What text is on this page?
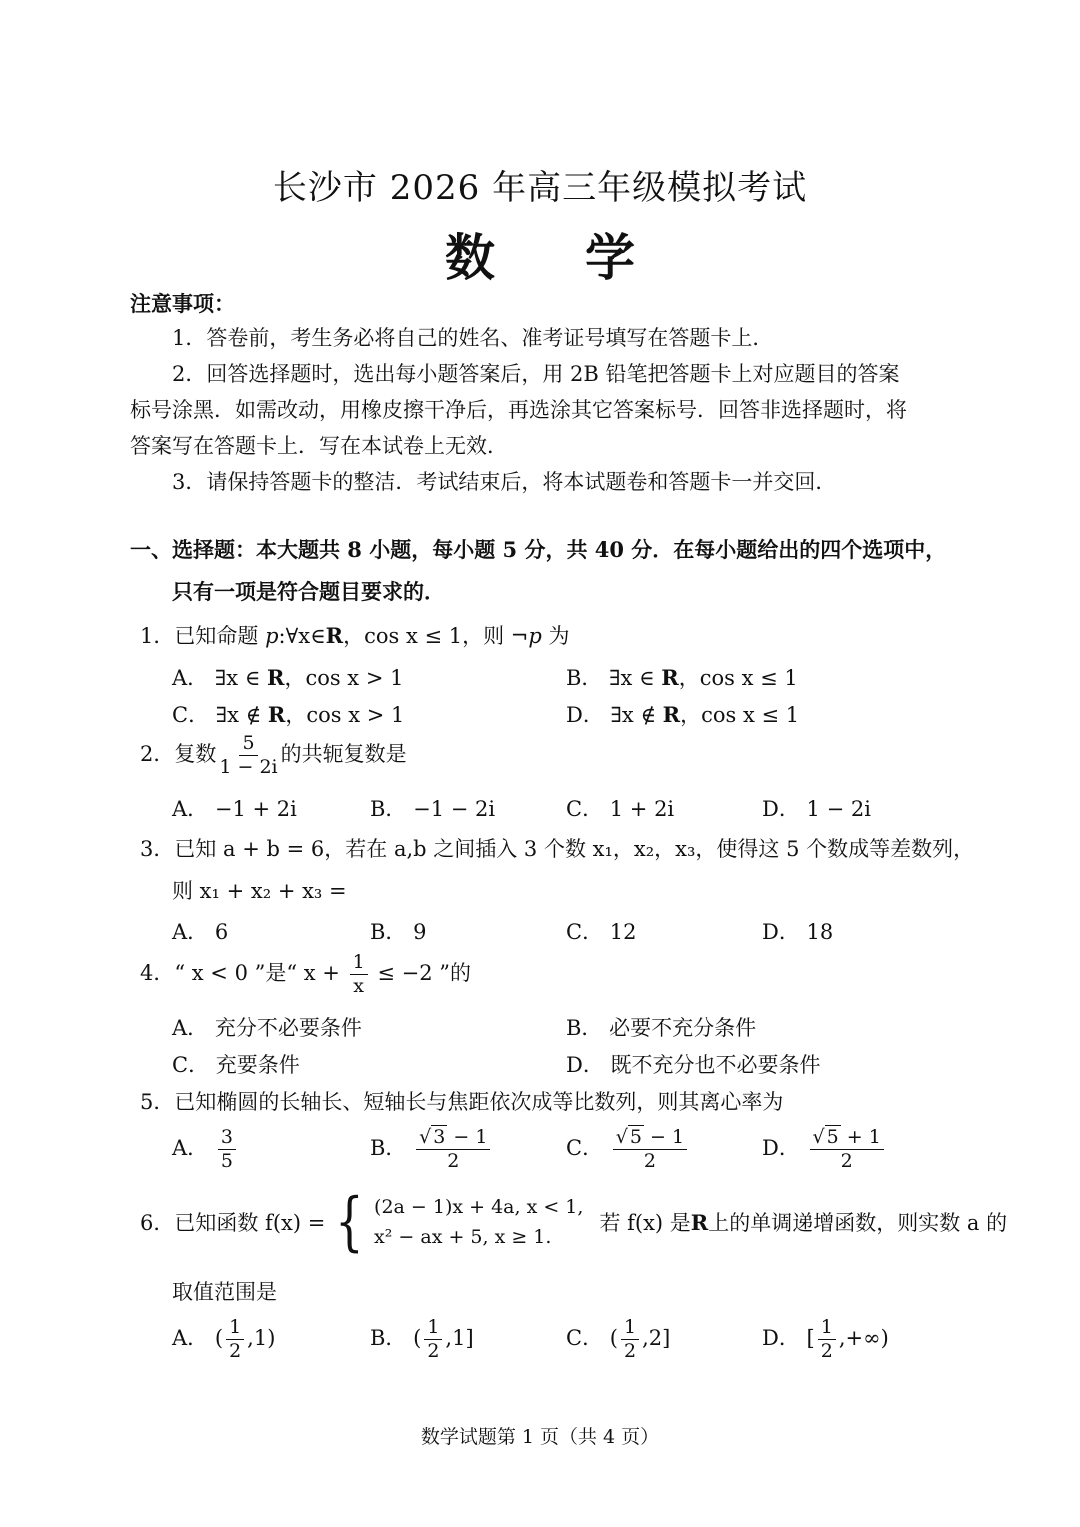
长沙市 2026 年高三年级模拟考试
数学
注意事项：
1．答卷前，考生务必将自己的姓名、准考证号填写在答题卡上．
2．回答选择题时，选出每小题答案后，用 2B 铅笔把答题卡上对应题目的答案
标号涂黑．如需改动，用橡皮擦干净后，再选涂其它答案标号．回答非选择题时，将
答案写在答题卡上．写在本试卷上无效．
3．请保持答题卡的整洁．考试结束后，将本试题卷和答题卡一并交回．
一、选择题：本大题共 8 小题，每小题 5 分，共 40 分．在每小题给出的四个选项中，
只有一项是符合题目要求的．
1．已知命题 p:∀x∈R，cos x ≤ 1，则 ¬p 为
A． ∃x ∈ R，cos x > 1	B． ∃x ∈ R，cos x ≤ 1
C． ∃x ∉ R，cos x > 1	D． ∃x ∉ R，cos x ≤ 1
2．复数 $\frac{5}{1 - 2i}$ 的共轭复数是
A． −1 + 2i	B． −1 − 2i	C． 1 + 2i	D． 1 − 2i
3．已知 a + b = 6，若在 a,b 之间插入 3 个数 x₁，x₂，x₃，使得这 5 个数成等差数列，
则 x₁ + x₂ + x₃ =
A． 6	B． 9	C． 12	D． 18
4．“ x < 0 ”是“ $x + \frac{1}{x} \le -2$ ”的
A． 充分不必要条件	B． 必要不充分条件
C． 充要条件	D． 既不充分也不必要条件
5．已知椭圆的长轴长、短轴长与焦距依次成等比数列，则其离心率为
A． $\frac{3}{5}$	B． $\frac{√ 3 - 1}{2}$	C． $\frac{√ 5 - 1}{2}$	D． $\frac{√ 5 + 1}{2}$
6． 已知函数 f(x) = { (2a − 1)x + 4a, x < 1,
x² − ax + 5, x ≥ 1.
若 f(x) 是 R 上的单调递增函数，则实数 a 的
取值范围是
A． ( $\frac{1}{2} ,1$)	B． ( $\frac{1}{2} ,1$]	C． ( $\frac{1}{2} ,2$]	D． [ $\frac{1}{2}$ ,+∞)
数学试题第 1 页（共 4 页）
